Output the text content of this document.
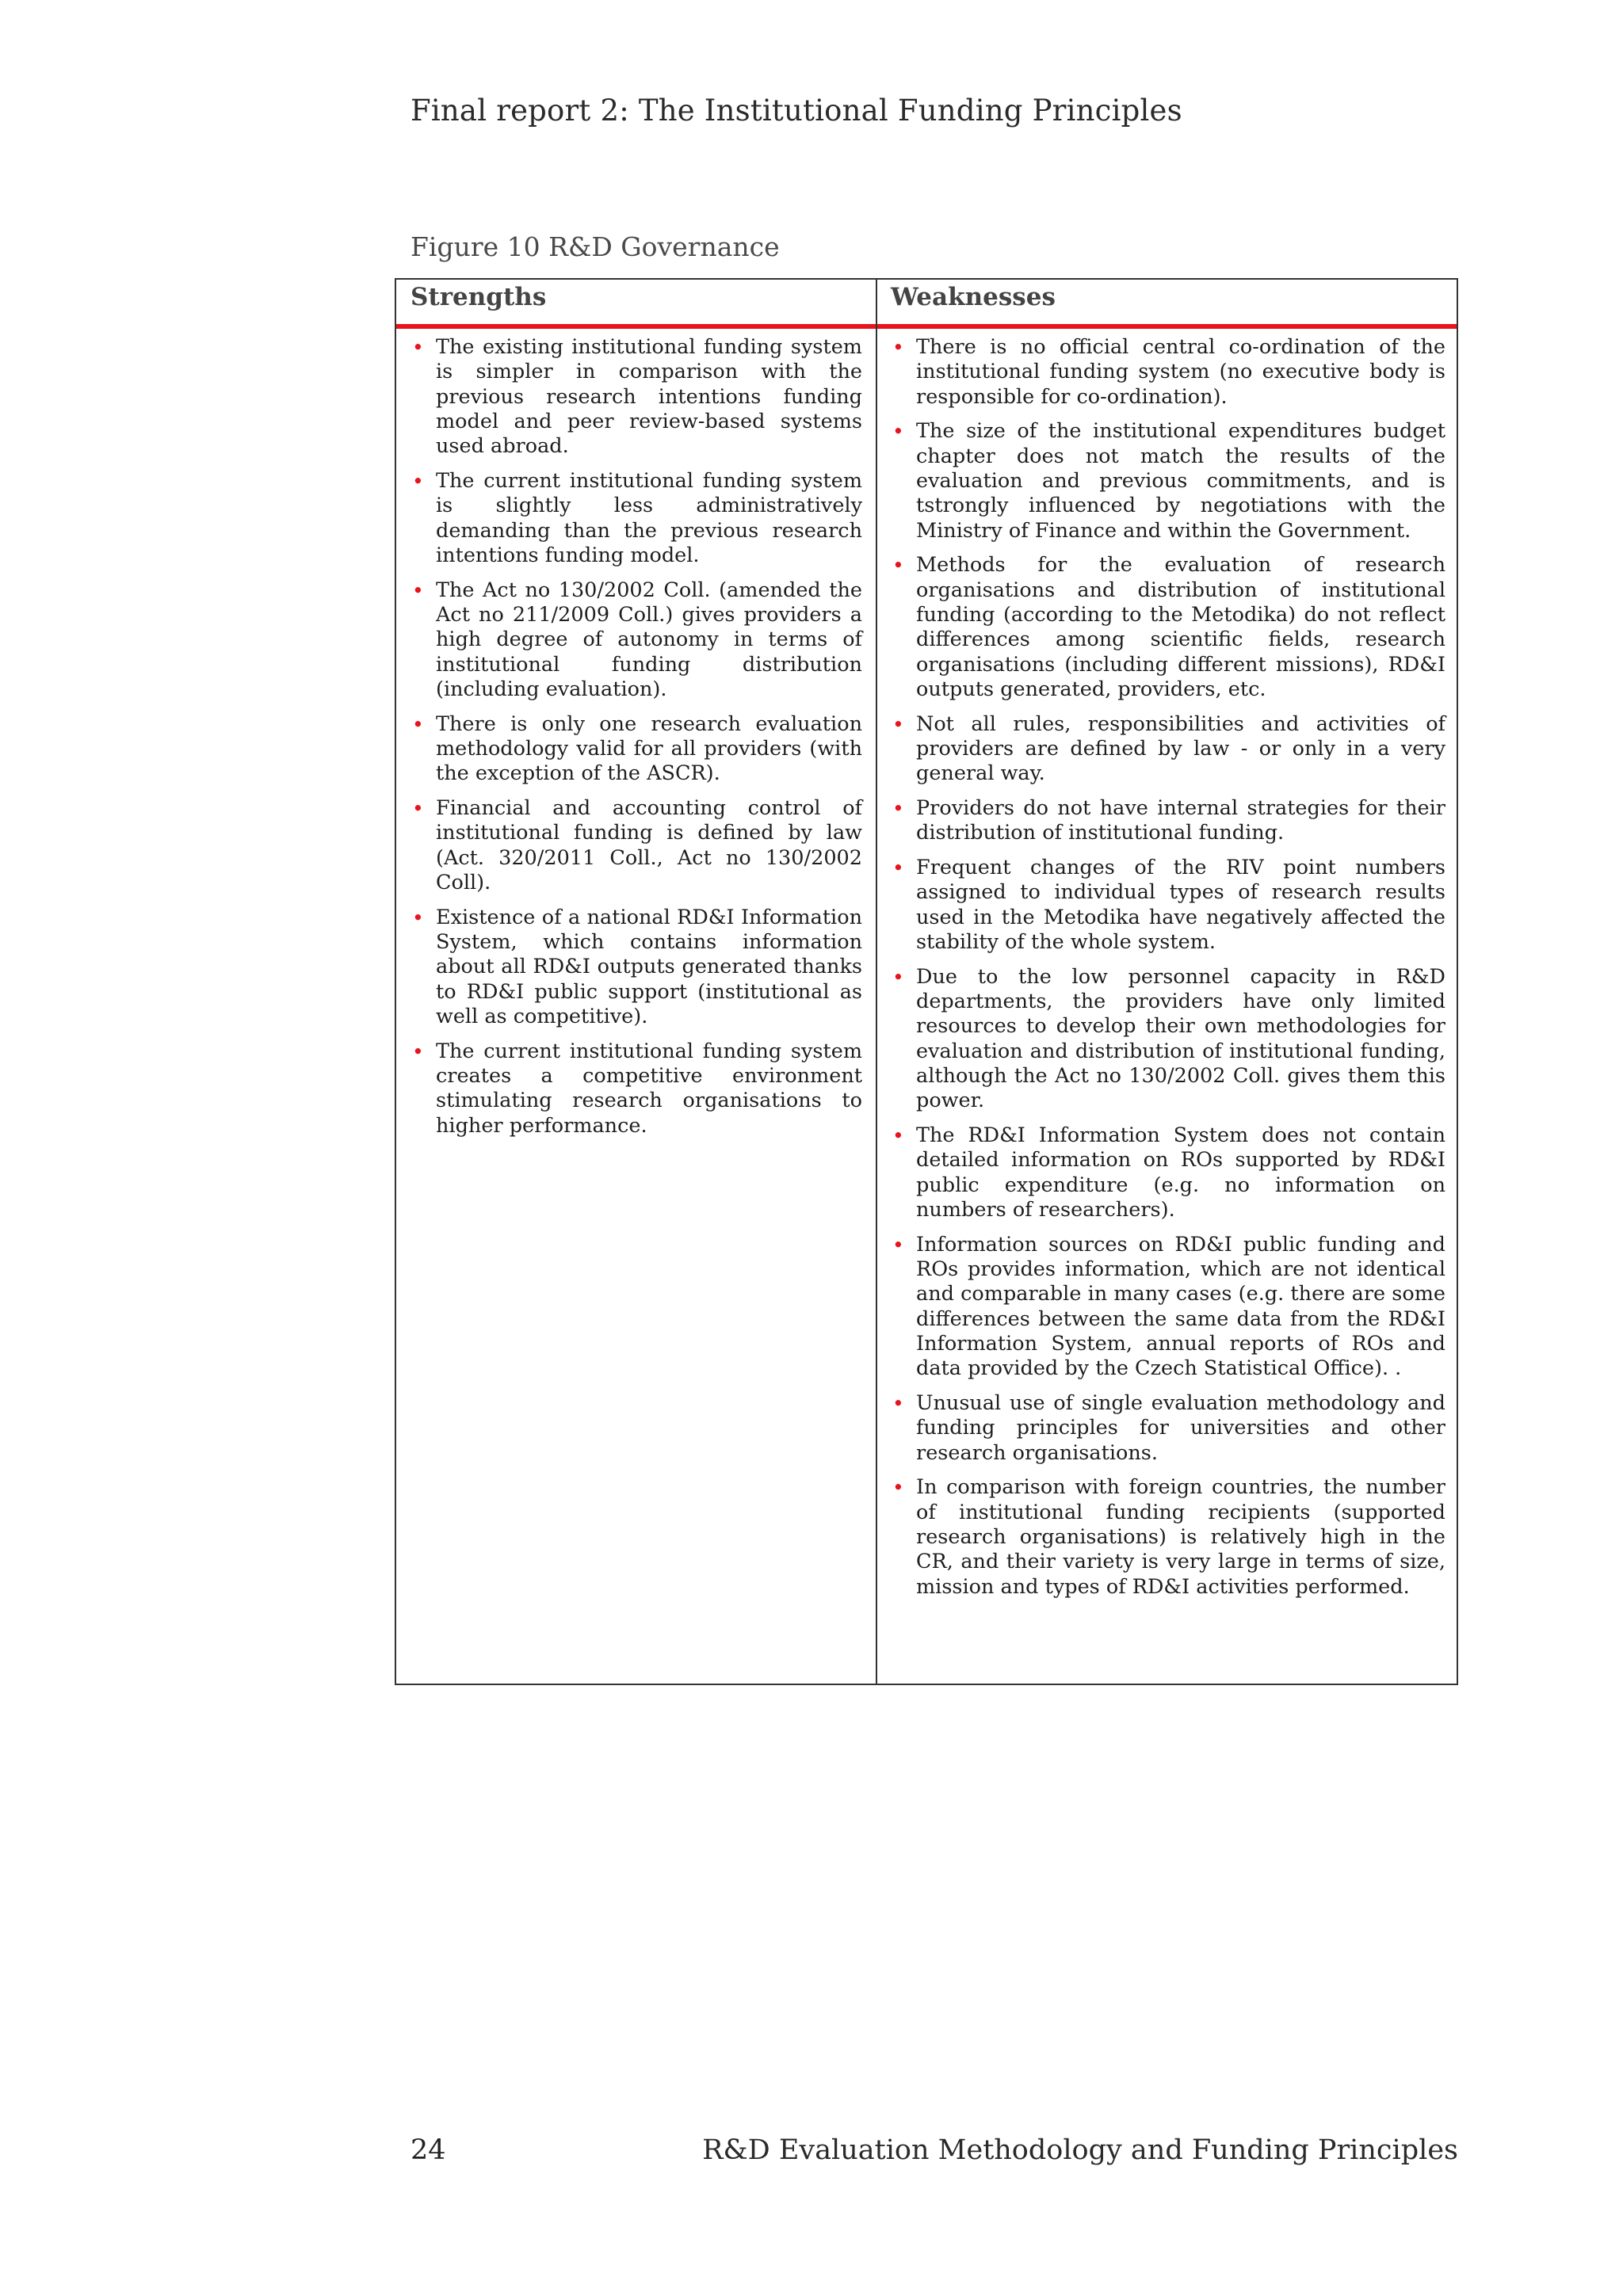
Final report 2: The Institutional Funding Principles
Figure 10 R&D Governance
Strengths	Weaknesses
• The existing institutional funding system is simpler in comparison with the previous research intentions funding model and peer review-based systems used abroad.
• The current institutional funding system is slightly less administratively demanding than the previous research intentions funding model.
• The Act no 130/2002 Coll. (amended the Act no 211/2009 Coll.) gives providers a high degree of autonomy in terms of institutional funding distribution (including evaluation).
• There is only one research evaluation methodology valid for all providers (with the exception of the ASCR).
• Financial and accounting control of institutional funding is defined by law (Act. 320/2011 Coll., Act no 130/2002 Coll).
• Existence of a national RD&I Information System, which contains information about all RD&I outputs generated thanks to RD&I public support (institutional as well as competitive).
• The current institutional funding system creates a competitive environment stimulating research organisations to higher performance.
• There is no official central co-ordination of the institutional funding system (no executive body is responsible for co-ordination).
• The size of the institutional expenditures budget chapter does not match the results of the evaluation and previous commitments, and is tstrongly influenced by negotiations with the Ministry of Finance and within the Government.
• Methods for the evaluation of research organisations and distribution of institutional funding (according to the Metodika) do not reflect differences among scientific fields, research organisations (including different missions), RD&I outputs generated, providers, etc.
• Not all rules, responsibilities and activities of providers are defined by law - or only in a very general way.
• Providers do not have internal strategies for their distribution of institutional funding.
• Frequent changes of the RIV point numbers assigned to individual types of research results used in the Metodika have negatively affected the stability of the whole system.
• Due to the low personnel capacity in R&D departments, the providers have only limited resources to develop their own methodologies for evaluation and distribution of institutional funding, although the Act no 130/2002 Coll. gives them this power.
• The RD&I Information System does not contain detailed information on ROs supported by RD&I public expenditure (e.g. no information on numbers of researchers).
• Information sources on RD&I public funding and ROs provides information, which are not identical and comparable in many cases (e.g. there are some differences between the same data from the RD&I Information System, annual reports of ROs and data provided by the Czech Statistical Office). .
• Unusual use of single evaluation methodology and funding principles for universities and other research organisations.
• In comparison with foreign countries, the number of institutional funding recipients (supported research organisations) is relatively high in the CR, and their variety is very large in terms of size, mission and types of RD&I activities performed.
24	R&D Evaluation Methodology and Funding Principles
